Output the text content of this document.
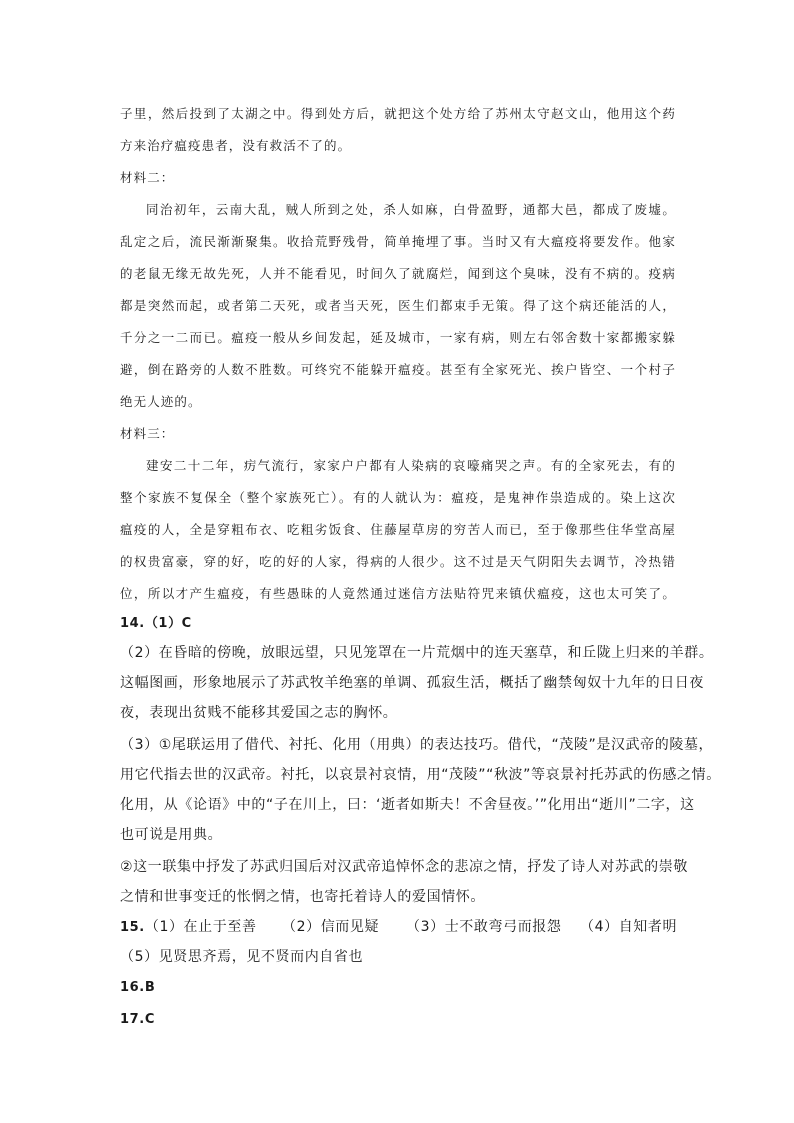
子里，然后投到了太湖之中。得到处方后，就把这个处方给了苏州太守赵文山，他用这个药
方来治疗瘟疫患者，没有救活不了的。
材料二：
同治初年，云南大乱，贼人所到之处，杀人如麻，白骨盈野，通都大邑，都成了废墟。
乱定之后，流民渐渐聚集。收拾荒野残骨，简单掩埋了事。当时又有大瘟疫将要发作。他家
的老鼠无缘无故先死，人并不能看见，时间久了就腐烂，闻到这个臭味，没有不病的。疫病
都是突然而起，或者第二天死，或者当天死，医生们都束手无策。得了这个病还能活的人，
千分之一二而已。瘟疫一般从乡间发起，延及城市，一家有病，则左右邻舍数十家都搬家躲
避，倒在路旁的人数不胜数。可终究不能躲开瘟疫。甚至有全家死光、挨户皆空、一个村子
绝无人迹的。
材料三：
建安二十二年，疠气流行，家家户户都有人染病的哀嚎痛哭之声。有的全家死去，有的
整个家族不复保全（整个家族死亡）。有的人就认为：瘟疫，是鬼神作祟造成的。染上这次
瘟疫的人，全是穿粗布衣、吃粗劣饭食、住藤屋草房的穷苦人而已，至于像那些住华堂高屋
的权贵富豪，穿的好，吃的好的人家，得病的人很少。这不过是天气阴阳失去调节，冷热错
位，所以才产生瘟疫，有些愚昧的人竟然通过迷信方法贴符咒来镇伏瘟疫，这也太可笑了。
14.（1）C
（2）在昏暗的傍晚，放眼远望，只见笼罩在一片荒烟中的连天塞草，和丘陇上归来的羊群。
这幅图画，形象地展示了苏武牧羊绝塞的单调、孤寂生活，概括了幽禁匈奴十九年的日日夜
夜，表现出贫贱不能移其爱国之志的胸怀。
（3）①尾联运用了借代、衬托、化用（用典）的表达技巧。借代，“茂陵”是汉武帝的陵墓，
用它代指去世的汉武帝。衬托，以哀景衬哀情，用“茂陵”“秋波”等哀景衬托苏武的伤感之情。
化用，从《论语》中的“子在川上，曰：‘逝者如斯夫！不舍昼夜。’”化用出“逝川”二字，这
也可说是用典。
②这一联集中抒发了苏武归国后对汉武帝追悼怀念的悲凉之情，抒发了诗人对苏武的崇敬
之情和世事变迁的怅惘之情，也寄托着诗人的爱国情怀。
15.（1）在止于至善 （2）信而见疑 （3）士不敢弯弓而报怨 （4）自知者明
（5）见贤思齐焉，见不贤而内自省也
16.B
17.C
